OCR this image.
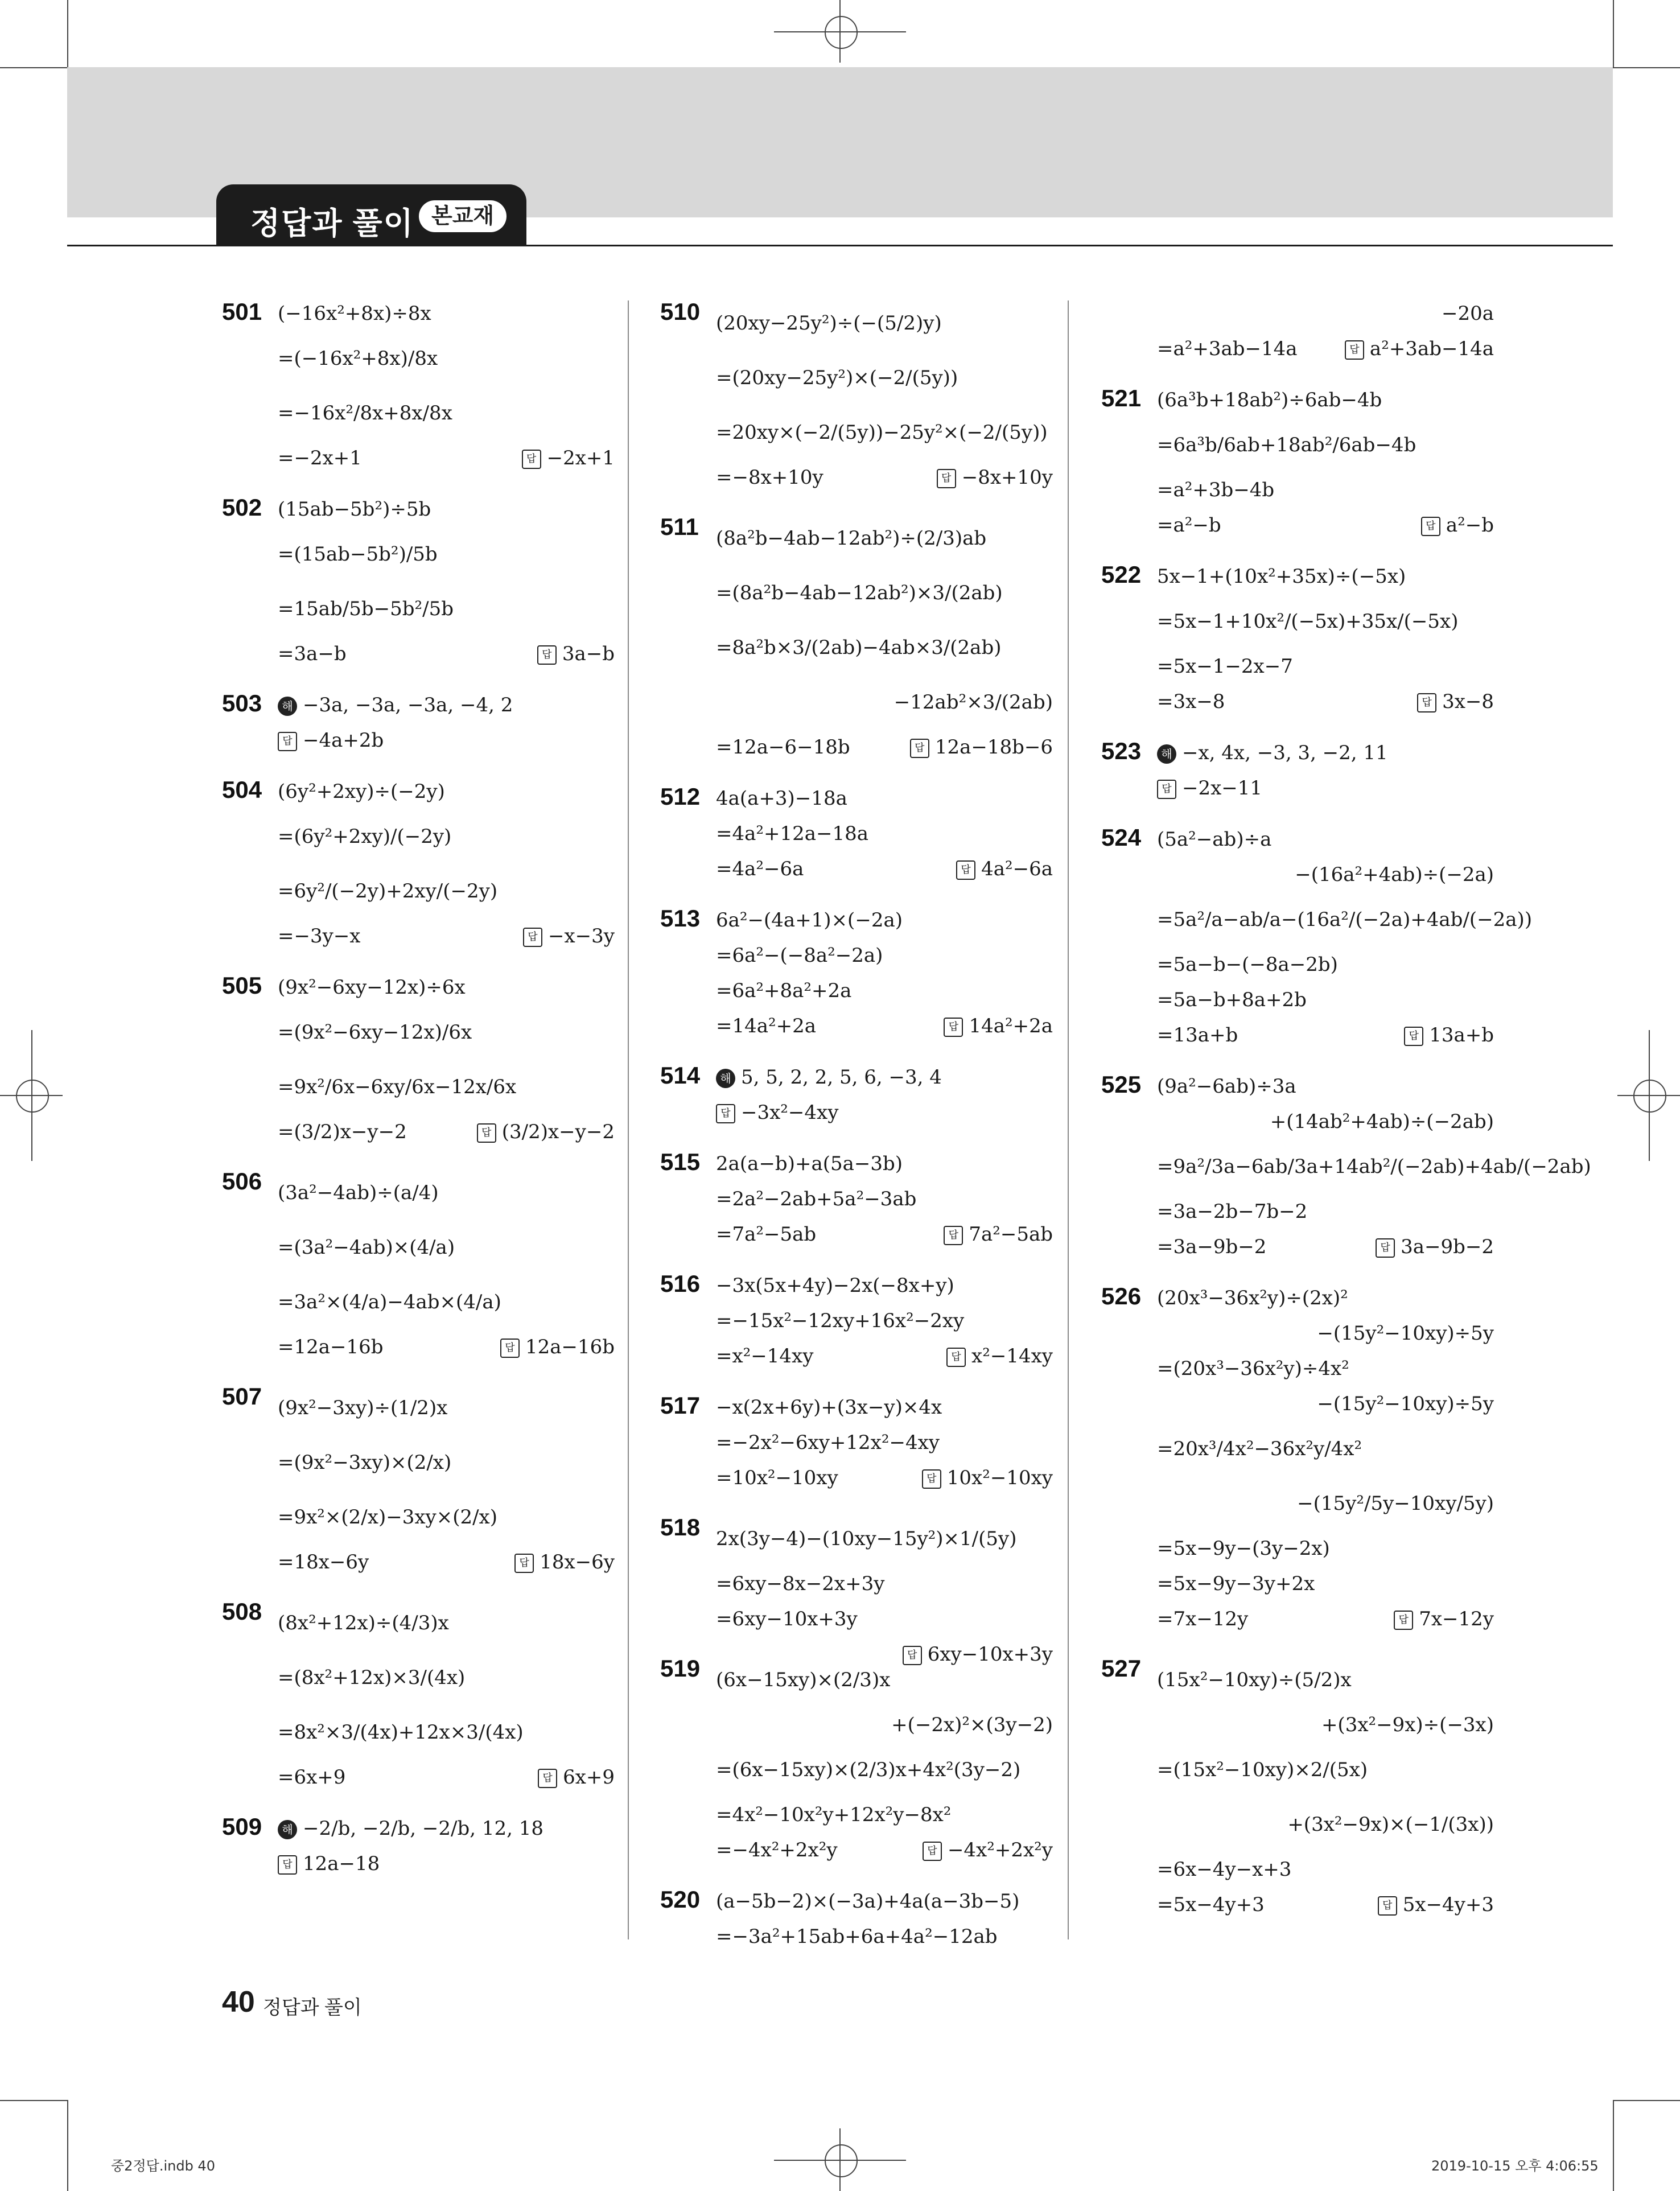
정답과 풀이 본교재
501 (−16x²+8x)÷8x
=(−16x²+8x)/8x
=−16x²/8x+8x/8x
=−2x+1	답 −2x+1
502 (15ab−5b²)÷5b
=(15ab−5b²)/5b
=15ab/5b−5b²/5b
=3a−b	답 3a−b
503	해 −3a, −3a, −3a, −4, 2
답 −4a+2b
504 (6y²+2xy)÷(−2y)
=(6y²+2xy)/(−2y)
=6y²/(−2y)+2xy/(−2y)
=−3y−x	답 −x−3y
505 (9x²−6xy−12x)÷6x
=(9x²−6xy−12x)/6x
=9x²/6x−6xy/6x−12x/6x
=(3/2)x−y−2	답 (3/2)x−y−2
506 (3a²−4ab)÷(a/4)
=(3a²−4ab)×(4/a)
=3a²×(4/a)−4ab×(4/a)
=12a−16b	답 12a−16b
507 (9x²−3xy)÷(1/2)x
=(9x²−3xy)×(2/x)
=9x²×(2/x)−3xy×(2/x)
=18x−6y	답 18x−6y
508 (8x²+12x)÷(4/3)x
=(8x²+12x)×3/(4x)
=8x²×3/(4x)+12x×3/(4x)
=6x+9	답 6x+9
509	해 −2/b, −2/b, −2/b, 12, 18
답 12a−18
510 (20xy−25y²)÷(−(5/2)y)
=(20xy−25y²)×(−2/(5y))
=20xy×(−2/(5y))−25y²×(−2/(5y))
=−8x+10y	답 −8x+10y
511 (8a²b−4ab−12ab²)÷(2/3)ab
=(8a²b−4ab−12ab²)×3/(2ab)
=8a²b×3/(2ab)−4ab×3/(2ab)
−12ab²×3/(2ab)
=12a−6−18b	답 12a−18b−6
512 4a(a+3)−18a
=4a²+12a−18a
=4a²−6a	답 4a²−6a
513 6a²−(4a+1)×(−2a)
=6a²−(−8a²−2a)
=6a²+8a²+2a
=14a²+2a	답 14a²+2a
514	해 5, 5, 2, 2, 5, 6, −3, 4
답 −3x²−4xy
515 2a(a−b)+a(5a−3b)
=2a²−2ab+5a²−3ab
=7a²−5ab	답 7a²−5ab
516 −3x(5x+4y)−2x(−8x+y)
=−15x²−12xy+16x²−2xy
=x²−14xy	답 x²−14xy
517 −x(2x+6y)+(3x−y)×4x
=−2x²−6xy+12x²−4xy
=10x²−10xy	답 10x²−10xy
518 2x(3y−4)−(10xy−15y²)×1/(5y)
=6xy−8x−2x+3y
=6xy−10x+3y
답 6xy−10x+3y
519 (6x−15xy)×(2/3)x
+(−2x)²×(3y−2)
=(6x−15xy)×(2/3)x+4x²(3y−2)
=4x²−10x²y+12x²y−8x²
=−4x²+2x²y	답 −4x²+2x²y
520 (a−5b−2)×(−3a)+4a(a−3b−5)
=−3a²+15ab+6a+4a²−12ab
−20a
=a²+3ab−14a	답 a²+3ab−14a
521 (6a³b+18ab²)÷6ab−4b
=6a³b/6ab+18ab²/6ab−4b
=a²+3b−4b
=a²−b	답 a²−b
522 5x−1+(10x²+35x)÷(−5x)
=5x−1+10x²/(−5x)+35x/(−5x)
=5x−1−2x−7
=3x−8	답 3x−8
523	해 −x, 4x, −3, 3, −2, 11
답 −2x−11
524 (5a²−ab)÷a
−(16a²+4ab)÷(−2a)
=5a²/a−ab/a−(16a²/(−2a)+4ab/(−2a))
=5a−b−(−8a−2b)
=5a−b+8a+2b
=13a+b	답 13a+b
525 (9a²−6ab)÷3a
+(14ab²+4ab)÷(−2ab)
=9a²/3a−6ab/3a+14ab²/(−2ab)+4ab/(−2ab)
=3a−2b−7b−2
=3a−9b−2	답 3a−9b−2
526 (20x³−36x²y)÷(2x)²
−(15y²−10xy)÷5y
=(20x³−36x²y)÷4x²
−(15y²−10xy)÷5y
=20x³/4x²−36x²y/4x²
−(15y²/5y−10xy/5y)
=5x−9y−(3y−2x)
=5x−9y−3y+2x
=7x−12y	답 7x−12y
527 (15x²−10xy)÷(5/2)x
+(3x²−9x)÷(−3x)
=(15x²−10xy)×2/(5x)
+(3x²−9x)×(−1/(3x))
=6x−4y−x+3
=5x−4y+3	답 5x−4y+3
40 정답과 풀이
중2정답.indb 40	2019-10-15 오후 4:06:55
